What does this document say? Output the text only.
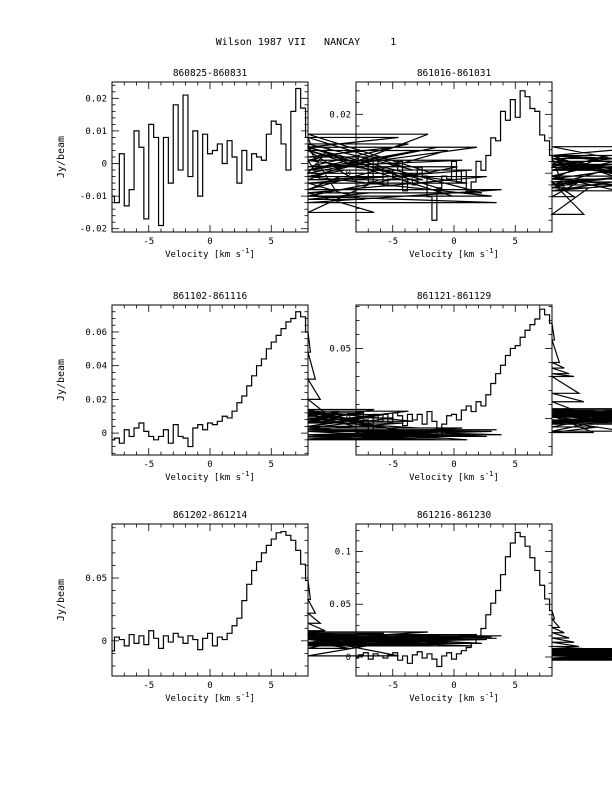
Wilson 1987 VII   NANCAY     1
-5	0	5
-0.02
-0.01
0
0.01
0.02
860825-860831
Velocity [km $s^{-1}$]
Jy/beam
-5	0	5
0
0.02
861016-861031
Velocity [km $s^{-1}$]
-5	0	5
0
0.02
0.04
0.06
861102-861116
Velocity [km $s^{-1}$]
Jy/beam
-5	0	5
0
0.05
861121-861129
Velocity [km $s^{-1}$]
-5	0	5
0
0.05
861202-861214
Velocity [km $s^{-1}$]
Jy/beam
-5	0	5
0
0.05
0.1
861216-861230
Velocity [km $s^{-1}$]
